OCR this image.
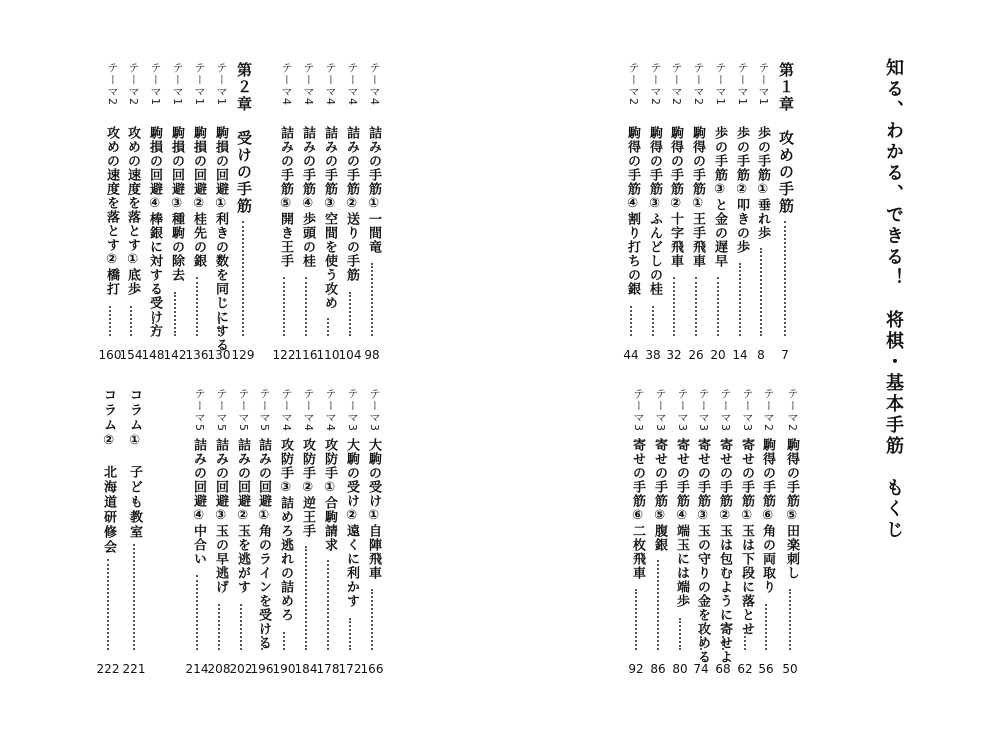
知る、わかる、できる！　将棋・基本手筋　もくじ
第１章　攻めの手筋
7
テーマ1
歩の手筋①垂れ歩
8
テーマ1
歩の手筋②叩きの歩
14
テーマ1
歩の手筋③と金の遅早
20
テーマ2
駒得の手筋①王手飛車
26
テーマ2
駒得の手筋②十字飛車
32
テーマ2
駒得の手筋③ふんどしの桂
38
テーマ2
駒得の手筋④割り打ちの銀
44
テーマ2
駒得の手筋⑤田楽刺し
50
テーマ2
駒得の手筋⑥角の両取り
56
テーマ3
寄せの手筋①玉は下段に落とせ
62
テーマ3
寄せの手筋②玉は包むように寄せよ
68
テーマ3
寄せの手筋③玉の守りの金を攻める
74
テーマ3
寄せの手筋④端玉には端歩
80
テーマ3
寄せの手筋⑤腹銀
86
テーマ3
寄せの手筋⑥二枚飛車
92
テーマ4
詰みの手筋①一間竜
98
テーマ4
詰みの手筋②送りの手筋
104
テーマ4
詰みの手筋③空間を使う攻め
110
テーマ4
詰みの手筋④歩頭の桂
116
テーマ4
詰みの手筋⑤開き王手
122
第２章　受けの手筋
129
テーマ1
駒損の回避①利きの数を同じにする
130
テーマ1
駒損の回避②桂先の銀
136
テーマ1
駒損の回避③種駒の除去
142
テーマ1
駒損の回避④棒銀に対する受け方
148
テーマ2
攻めの速度を落とす①底歩
154
テーマ2
攻めの速度を落とす②橋打
160
テーマ3
大駒の受け①自陣飛車
166
テーマ3
大駒の受け②遠くに利かす
172
テーマ4
攻防手①合駒請求
178
テーマ4
攻防手②逆王手
184
テーマ4
攻防手③詰めろ逃れの詰めろ
190
テーマ5
詰みの回避①角のラインを受ける
196
テーマ5
詰みの回避②玉を逃がす
202
テーマ5
詰みの回避③玉の早逃げ
208
テーマ5
詰みの回避④中合い
214
コラム①　子ども教室
221
コラム②　北海道研修会
222
